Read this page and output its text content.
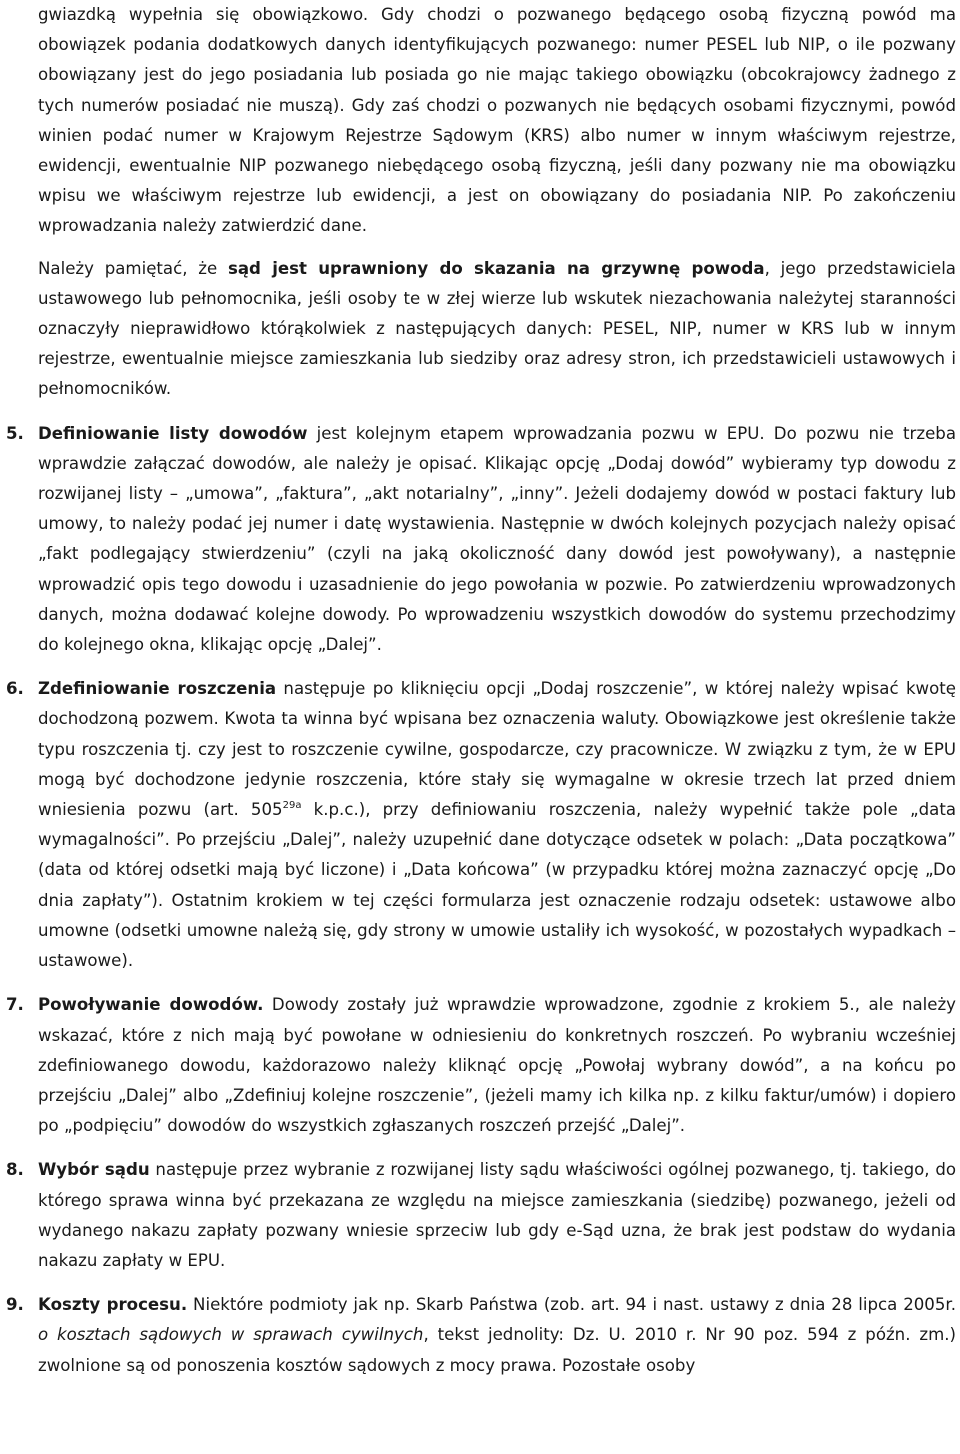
gwiazdką wypełnia się obowiązkowo. Gdy chodzi o pozwanego będącego osobą fizyczną powód ma obowiązek podania dodatkowych danych identyfikujących pozwanego: numer PESEL lub NIP, o ile pozwany obowiązany jest do jego posiadania lub posiada go nie mając takiego obowiązku (obcokrajowcy żadnego z tych numerów posiadać nie muszą). Gdy zaś chodzi o pozwanych nie będących osobami fizycznymi, powód winien podać numer w Krajowym Rejestrze Sądowym (KRS) albo numer w innym właściwym rejestrze, ewidencji, ewentualnie NIP pozwanego niebędącego osobą fizyczną, jeśli dany pozwany nie ma obowiązku wpisu we właściwym rejestrze lub ewidencji, a jest on obowiązany do posiadania NIP. Po zakończeniu wprowadzania należy zatwierdzić dane.

Należy pamiętać, że sąd jest uprawniony do skazania na grzywnę powoda, jego przedstawiciela ustawowego lub pełnomocnika, jeśli osoby te w złej wierze lub wskutek niezachowania należytej staranności oznaczyły nieprawidłowo którąkolwiek z następujących danych: PESEL, NIP, numer w KRS lub w innym rejestrze, ewentualnie miejsce zamieszkania lub siedziby oraz adresy stron, ich przedstawicieli ustawowych i pełnomocników.

5. Definiowanie listy dowodów jest kolejnym etapem wprowadzania pozwu w EPU. Do pozwu nie trzeba wprawdzie załączać dowodów, ale należy je opisać. Klikając opcję „Dodaj dowód” wybieramy typ dowodu z rozwijanej listy – „umowa”, „faktura”, „akt notarialny”, „inny”. Jeżeli dodajemy dowód w postaci faktury lub umowy, to należy podać jej numer i datę wystawienia. Następnie w dwóch kolejnych pozycjach należy opisać „fakt podlegający stwierdzeniu” (czyli na jaką okoliczność dany dowód jest powoływany), a następnie wprowadzić opis tego dowodu i uzasadnienie do jego powołania w pozwie. Po zatwierdzeniu wprowadzonych danych, można dodawać kolejne dowody. Po wprowadzeniu wszystkich dowodów do systemu przechodzimy do kolejnego okna, klikając opcję „Dalej”.

6. Zdefiniowanie roszczenia następuje po kliknięciu opcji „Dodaj roszczenie”, w której należy wpisać kwotę dochodzoną pozwem. Kwota ta winna być wpisana bez oznaczenia waluty. Obowiązkowe jest określenie także typu roszczenia tj. czy jest to roszczenie cywilne, gospodarcze, czy pracownicze. W związku z tym, że w EPU mogą być dochodzone jedynie roszczenia, które stały się wymagalne w okresie trzech lat przed dniem wniesienia pozwu (art. $505^{29a}$ k.p.c.), przy definiowaniu roszczenia, należy wypełnić także pole „data wymagalności”. Po przejściu „Dalej”, należy uzupełnić dane dotyczące odsetek w polach: „Data początkowa” (data od której odsetki mają być liczone) i „Data końcowa” (w przypadku której można zaznaczyć opcję „Do dnia zapłaty”). Ostatnim krokiem w tej części formularza jest oznaczenie rodzaju odsetek: ustawowe albo umowne (odsetki umowne należą się, gdy strony w umowie ustaliły ich wysokość, w pozostałych wypadkach – ustawowe).

7. Powoływanie dowodów. Dowody zostały już wprawdzie wprowadzone, zgodnie z krokiem 5., ale należy wskazać, które z nich mają być powołane w odniesieniu do konkretnych roszczeń. Po wybraniu wcześniej zdefiniowanego dowodu, każdorazowo należy kliknąć opcję „Powołaj wybrany dowód”, a na końcu po przejściu „Dalej” albo „Zdefiniuj kolejne roszczenie”, (jeżeli mamy ich kilka np. z kilku faktur/umów) i dopiero po „podpięciu” dowodów do wszystkich zgłaszanych roszczeń przejść „Dalej”.

8. Wybór sądu następuje przez wybranie z rozwijanej listy sądu właściwości ogólnej pozwanego, tj. takiego, do którego sprawa winna być przekazana ze względu na miejsce zamieszkania (siedzibę) pozwanego, jeżeli od wydanego nakazu zapłaty pozwany wniesie sprzeciw lub gdy e-Sąd uzna, że brak jest podstaw do wydania nakazu zapłaty w EPU.

9. Koszty procesu. Niektóre podmioty jak np. Skarb Państwa (zob. art. 94 i nast. ustawy z dnia 28 lipca 2005r. o kosztach sądowych w sprawach cywilnych, tekst jednolity: Dz. U. 2010 r. Nr 90 poz. 594 z późn. zm.) zwolnione są od ponoszenia kosztów sądowych z mocy prawa. Pozostałe osoby
